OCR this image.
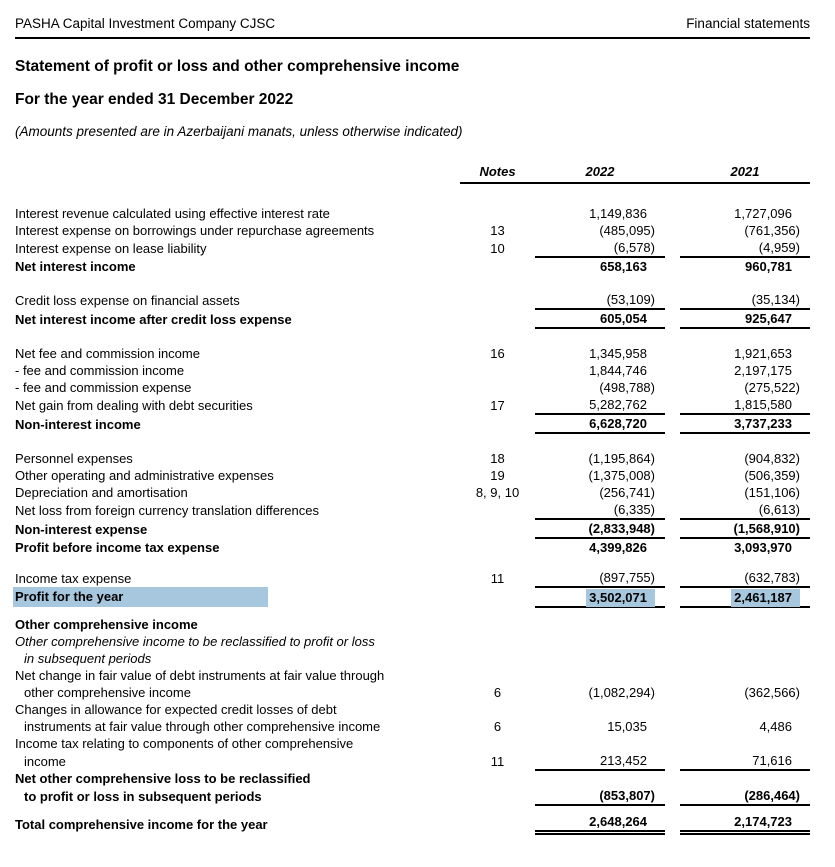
PASHA Capital Investment Company CJSC	Financial statements
Statement of profit or loss and other comprehensive income
For the year ended 31 December 2022

(Amounts presented are in Azerbaijani manats, unless otherwise indicated)

	Notes	2022		2021
Interest revenue calculated using effective interest rate		1,149,836		1,727,096
Interest expense on borrowings under repurchase agreements	13	(485,095)		(761,356)
Interest expense on lease liability	10	(6,578)		(4,959)
Net interest income		658,163		960,781

Credit loss expense on financial assets		(53,109)		(35,134)
Net interest income after credit loss expense		605,054		925,647

Net fee and commission income	16	1,345,958		1,921,653
- fee and commission income		1,844,746		2,197,175
- fee and commission expense		(498,788)		(275,522)
Net gain from dealing with debt securities	17	5,282,762		1,815,580
Non-interest income		6,628,720		3,737,233

Personnel expenses	18	(1,195,864)		(904,832)
Other operating and administrative expenses	19	(1,375,008)		(506,359)
Depreciation and amortisation	8, 9, 10	(256,741)		(151,106)
Net loss from foreign currency translation differences		(6,335)		(6,613)
Non-interest expense		(2,833,948)		(1,568,910)
Profit before income tax expense		4,399,826		3,093,970

Income tax expense	11	(897,755)		(632,783)
Profit for the year		3,502,071		2,461,187

Other comprehensive income				
Other comprehensive income to be reclassified to profit or loss				
in subsequent periods				
Net change in fair value of debt instruments at fair value through				
other comprehensive income	6	(1,082,294)		(362,566)
Changes in allowance for expected credit losses of debt				
instruments at fair value through other comprehensive income	6	15,035		4,486
Income tax relating to components of other comprehensive				
income	11	213,452		71,616
Net other comprehensive loss to be reclassified				
to profit or loss in subsequent periods		(853,807)		(286,464)

Total comprehensive income for the year		2,648,264		2,174,723
